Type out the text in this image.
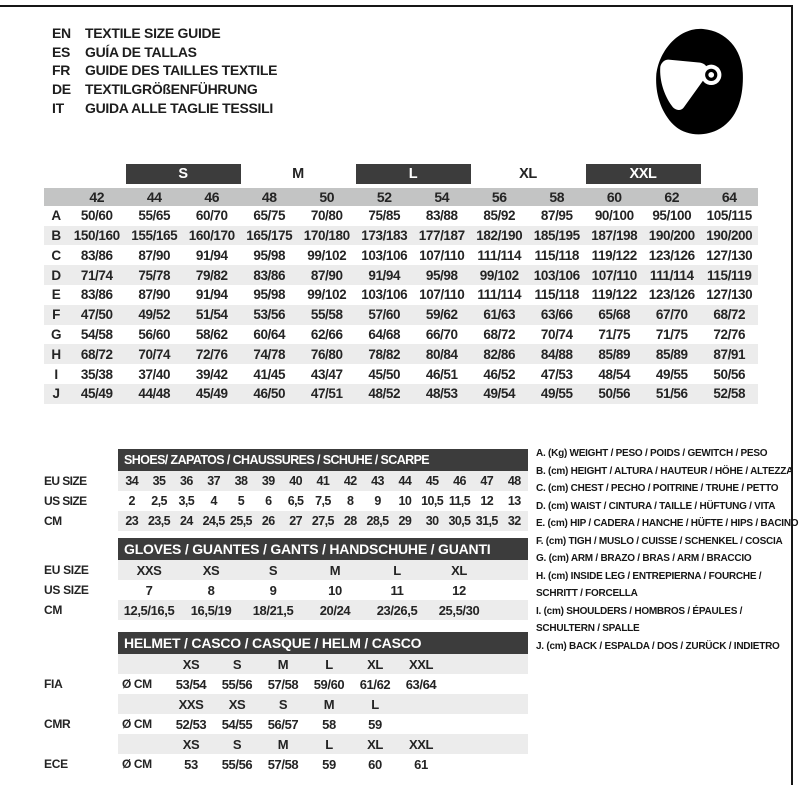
EN	TEXTILE SIZE GUIDE
ES	GUÍA DE TALLAS
FR	GUIDE DES TAILLES TEXTILE
DE	TEXTILGRÖßENFÜHRUNG
IT	GUIDA ALLE TAGLIE TESSILI
		S		M		L		XL		XXL		
	42	44	46	48	50	52	54	56	58	60	62	64
A	50/60	55/65	60/70	65/75	70/80	75/85	83/88	85/92	87/95	90/100	95/100	105/115
B	150/160	155/165	160/170	165/175	170/180	173/183	177/187	182/190	185/195	187/198	190/200	190/200
C	83/86	87/90	91/94	95/98	99/102	103/106	107/110	111/114	115/118	119/122	123/126	127/130
D	71/74	75/78	79/82	83/86	87/90	91/94	95/98	99/102	103/106	107/110	111/114	115/119
E	83/86	87/90	91/94	95/98	99/102	103/106	107/110	111/114	115/118	119/122	123/126	127/130
F	47/50	49/52	51/54	53/56	55/58	57/60	59/62	61/63	63/66	65/68	67/70	68/72
G	54/58	56/60	58/62	60/64	62/66	64/68	66/70	68/72	70/74	71/75	71/75	72/76
H	68/72	70/74	72/76	74/78	76/80	78/82	80/84	82/86	84/88	85/89	85/89	87/91
I	35/38	37/40	39/42	41/45	43/47	45/50	46/51	46/52	47/53	48/54	49/55	50/56
J	45/49	44/48	45/49	46/50	47/51	48/52	48/53	49/54	49/55	50/56	51/56	52/58
	SHOES/ ZAPATOS / CHAUSSURES / SCHUHE / SCARPE														
EU SIZE	34	35	36	37	38	39	40	41	42	43	44	45	46	47	48
US SIZE	2	2,5	3,5	4	5	6	6,5	7,5	8	9	10	10,5	11,5	12	13
CM	23	23,5	24	24,5	25,5	26	27	27,5	28	28,5	29	30	30,5	31,5	32
	GLOVES / GUANTES / GANTS / HANDSCHUHE / GUANTI						
EU SIZE	XXS	XS	S	M	L	XL	
US SIZE	7	8	9	10	11	12	
CM	12,5/16,5	16,5/19	18/21,5	20/24	23/26,5	25,5/30	
	HELMET / CASCO / CASQUE / HELM / CASCO							
		XS	S	M	L	XL	XXL	
FIA	Ø CM	53/54	55/56	57/58	59/60	61/62	63/64	
		XXS	XS	S	M	L		
CMR	Ø CM	52/53	54/55	56/57	58	59		
		XS	S	M	L	XL	XXL	
ECE	Ø CM	53	55/56	57/58	59	60	61	
A. (Kg) WEIGHT / PESO / POIDS / GEWITCH / PESO
B. (cm) HEIGHT / ALTURA / HAUTEUR / HÖHE / ALTEZZA
C. (cm) CHEST / PECHO / POITRINE / TRUHE / PETTO
D. (cm) WAIST / CINTURA / TAILLE / HÜFTUNG / VITA
E. (cm) HIP / CADERA / HANCHE / HÜFTE / HIPS / BACINO
F. (cm) TIGH / MUSLO / CUISSE / SCHENKEL / COSCIA
G. (cm) ARM / BRAZO / BRAS / ARM / BRACCIO
H. (cm) INSIDE LEG / ENTREPIERNA / FOURCHE /
SCHRITT / FORCELLA
I. (cm) SHOULDERS / HOMBROS / ÉPAULES /
SCHULTERN / SPALLE
J. (cm) BACK / ESPALDA / DOS / ZURÜCK / INDIETRO
